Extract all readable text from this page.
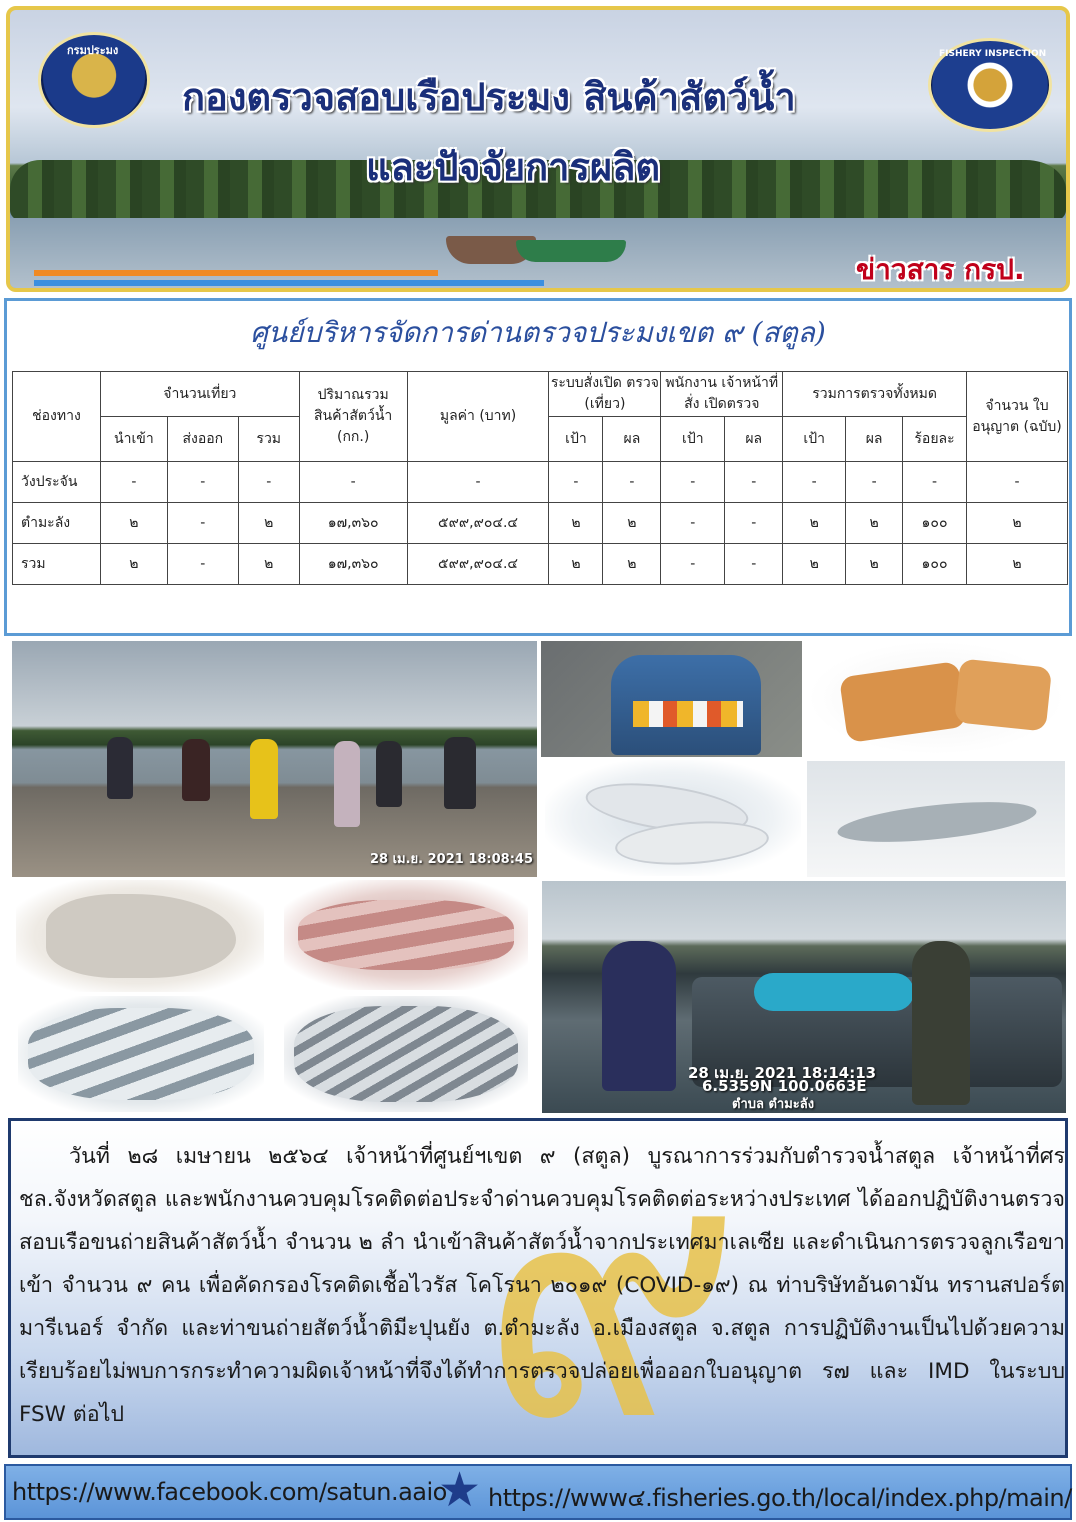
กรมประมง	FISHERY INSPECTION
กองตรวจสอบเรือประมง สินค้าสัตว์น้ำ
และปัจจัยการผลิต
ข่าวสาร กรป.
ศูนย์บริหารจัดการด่านตรวจประมงเขต ๙ (สตูล)
ช่องทาง	จำนวนเที่ยว			ปริมาณรวม สินค้าสัตว์น้ำ (กก.)	มูลค่า (บาท)	ระบบสั่งเปิด ตรวจ (เที่ยว)		พนักงาน เจ้าหน้าที่สั่ง เปิดตรวจ		รวมการตรวจทั้งหมด			จำนวน ใบอนุญาต (ฉบับ)
	นำเข้า	ส่งออก	รวม			เป้า	ผล	เป้า	ผล	เป้า	ผล	ร้อยละ	
วังประจัน	-	-	-	-	-	-	-	-	-	-	-	-	-
ตำมะลัง	๒	-	๒	๑๗,๓๖๐	๕๙๙,๙๐๔.๔	๒	๒	-	-	๒	๒	๑๐๐	๒
รวม	๒	-	๒	๑๗,๓๖๐	๕๙๙,๙๐๔.๔	๒	๒	-	-	๒	๒	๑๐๐	๒
28 เม.ย. 2021 18:08:45
28 เม.ย. 2021 18:14:13
6.5359N 100.0663E
ตำบล ตำมะลัง
๙
วันที่ ๒๘ เมษายน ๒๕๖๔ เจ้าหน้าที่ศูนย์ฯเขต ๙ (สตูล) บูรณาการร่วมกับตำรวจน้ำสตูล เจ้าหน้าที่ศรชล.จังหวัดสตูล และพนักงานควบคุมโรคติดต่อประจำด่านควบคุมโรคติดต่อระหว่างประเทศ ได้ออกปฏิบัติงานตรวจสอบเรือขนถ่ายสินค้าสัตว์น้ำ จำนวน ๒ ลำ นำเข้าสินค้าสัตว์น้ำจากประเทศมาเลเซีย และดำเนินการตรวจลูกเรือขาเข้า จำนวน ๙ คน เพื่อคัดกรองโรคติดเชื้อไวรัส โคโรนา ๒๐๑๙ (COVID-๑๙) ณ ท่าบริษัทอันดามัน ทรานสปอร์ต มารีเนอร์ จำกัด และท่าขนถ่ายสัตว์น้ำติมีะปุนยัง ต.ตำมะลัง อ.เมืองสตูล จ.สตูล การปฏิบัติงานเป็นไปด้วยความเรียบร้อยไม่พบการกระทำความผิดเจ้าหน้าที่จึงได้ทำการตรวจปล่อยเพื่อออกใบอนุญาต ร๗ และ IMD ในระบบ FSW ต่อไป
https://www.facebook.com/satun.aaio
★ https://www๔.fisheries.go.th/local/index.php/main/
